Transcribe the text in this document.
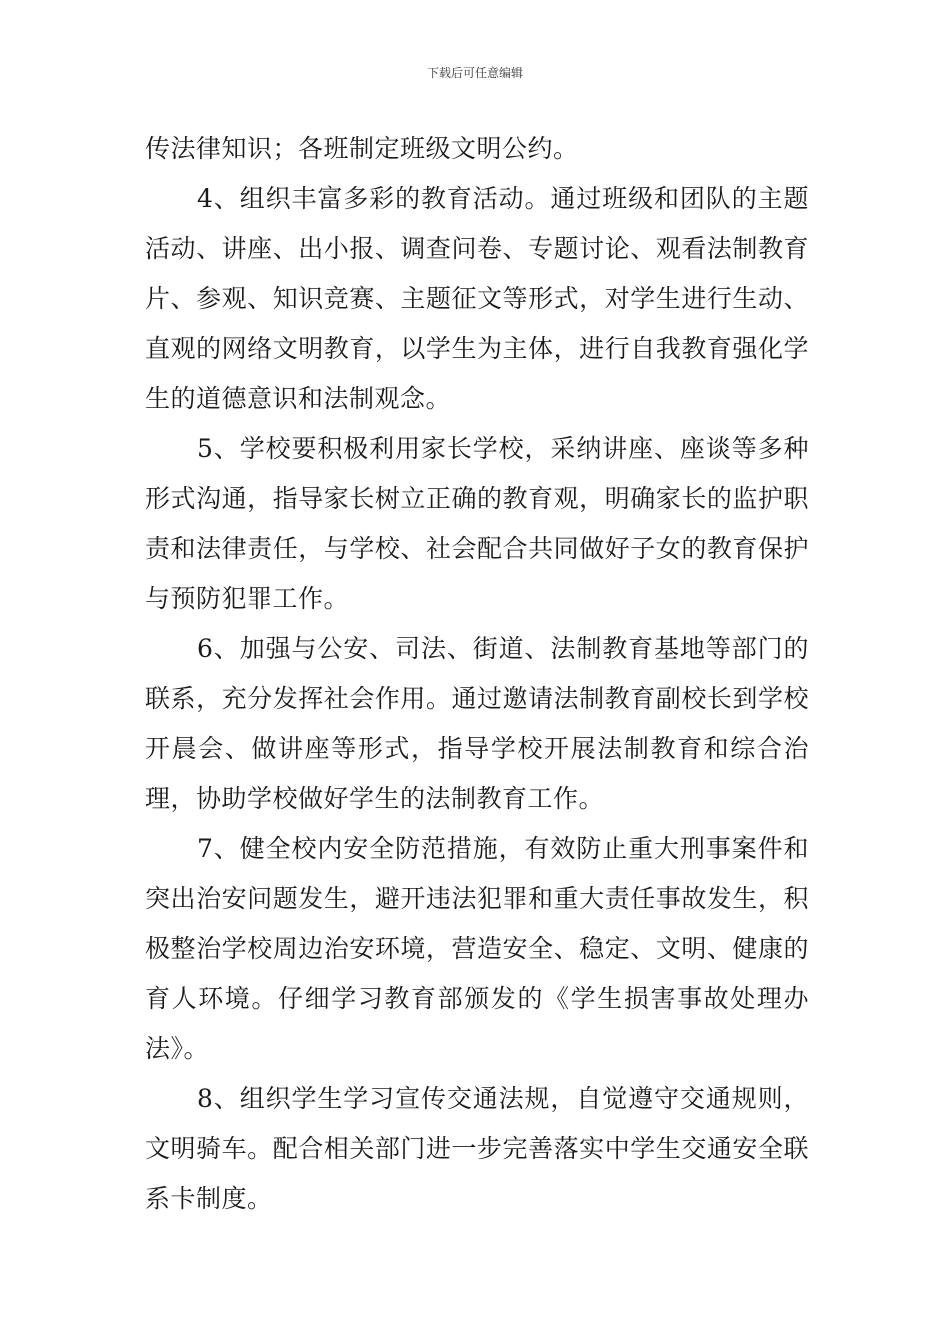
下载后可任意编辑

传法律知识；各班制定班级文明公约。

4、组织丰富多彩的教育活动。通过班级和团队的主题活动、讲座、出小报、调查问卷、专题讨论、观看法制教育片、参观、知识竞赛、主题征文等形式，对学生进行生动、直观的网络文明教育，以学生为主体，进行自我教育强化学生的道德意识和法制观念。

5、学校要积极利用家长学校，采纳讲座、座谈等多种形式沟通，指导家长树立正确的教育观，明确家长的监护职责和法律责任，与学校、社会配合共同做好子女的教育保护与预防犯罪工作。

6、加强与公安、司法、街道、法制教育基地等部门的联系，充分发挥社会作用。通过邀请法制教育副校长到学校开晨会、做讲座等形式，指导学校开展法制教育和综合治理，协助学校做好学生的法制教育工作。

7、健全校内安全防范措施，有效防止重大刑事案件和突出治安问题发生，避开违法犯罪和重大责任事故发生，积极整治学校周边治安环境，营造安全、稳定、文明、健康的育人环境。仔细学习教育部颁发的《学生损害事故处理办法》。

8、组织学生学习宣传交通法规，自觉遵守交通规则，文明骑车。配合相关部门进一步完善落实中学生交通安全联系卡制度。
